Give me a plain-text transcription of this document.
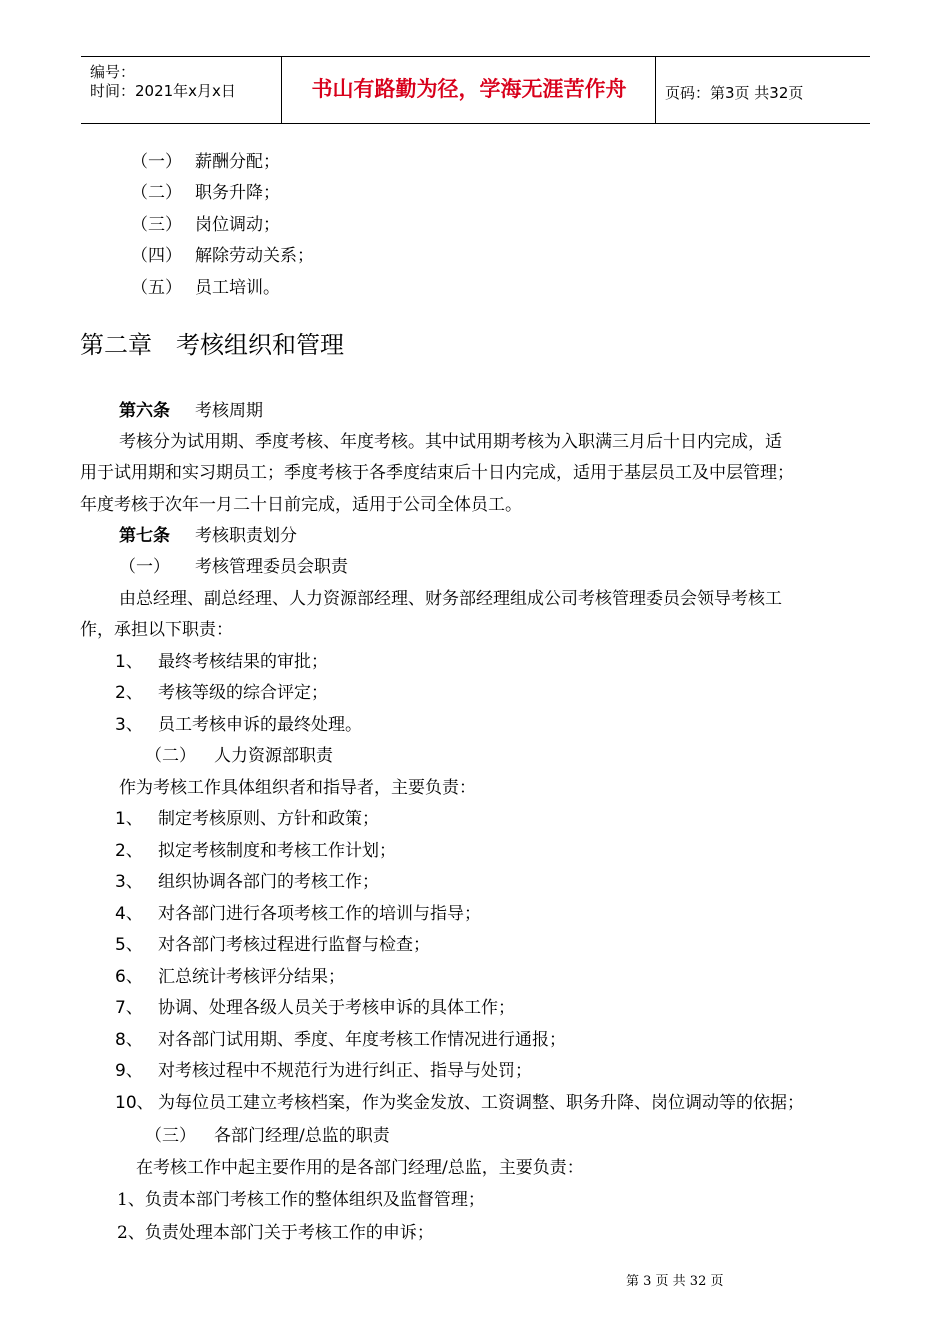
编号：
时间：2021年x月x日	书山有路勤为径，学海无涯苦作舟	页码：第3页 共32页
（一） 薪酬分配；
（二） 职务升降；
（三） 岗位调动；
（四） 解除劳动关系；
（五） 员工培训。
第二章　考核组织和管理
第六条 考核周期
考核分为试用期、季度考核、年度考核。其中试用期考核为入职满三月后十日内完成，适
用于试用期和实习期员工；季度考核于各季度结束后十日内完成，适用于基层员工及中层管理；
年度考核于次年一月二十日前完成，适用于公司全体员工。
第七条 考核职责划分
（一） 考核管理委员会职责
由总经理、副总经理、人力资源部经理、财务部经理组成公司考核管理委员会领导考核工
作，承担以下职责：
1、 最终考核结果的审批；
2、 考核等级的综合评定；
3、 员工考核申诉的最终处理。
（二） 人力资源部职责
作为考核工作具体组织者和指导者，主要负责：
1、 制定考核原则、方针和政策；
2、 拟定考核制度和考核工作计划；
3、 组织协调各部门的考核工作；
4、 对各部门进行各项考核工作的培训与指导；
5、 对各部门考核过程进行监督与检查；
6、 汇总统计考核评分结果；
7、 协调、处理各级人员关于考核申诉的具体工作；
8、 对各部门试用期、季度、年度考核工作情况进行通报；
9、 对考核过程中不规范行为进行纠正、指导与处罚；
10、 为每位员工建立考核档案，作为奖金发放、工资调整、职务升降、岗位调动等的依据；
（三） 各部门经理/总监的职责
在考核工作中起主要作用的是各部门经理/总监，主要负责：
1、负责本部门考核工作的整体组织及监督管理；
2、负责处理本部门关于考核工作的申诉；
第 3 页 共 32 页
